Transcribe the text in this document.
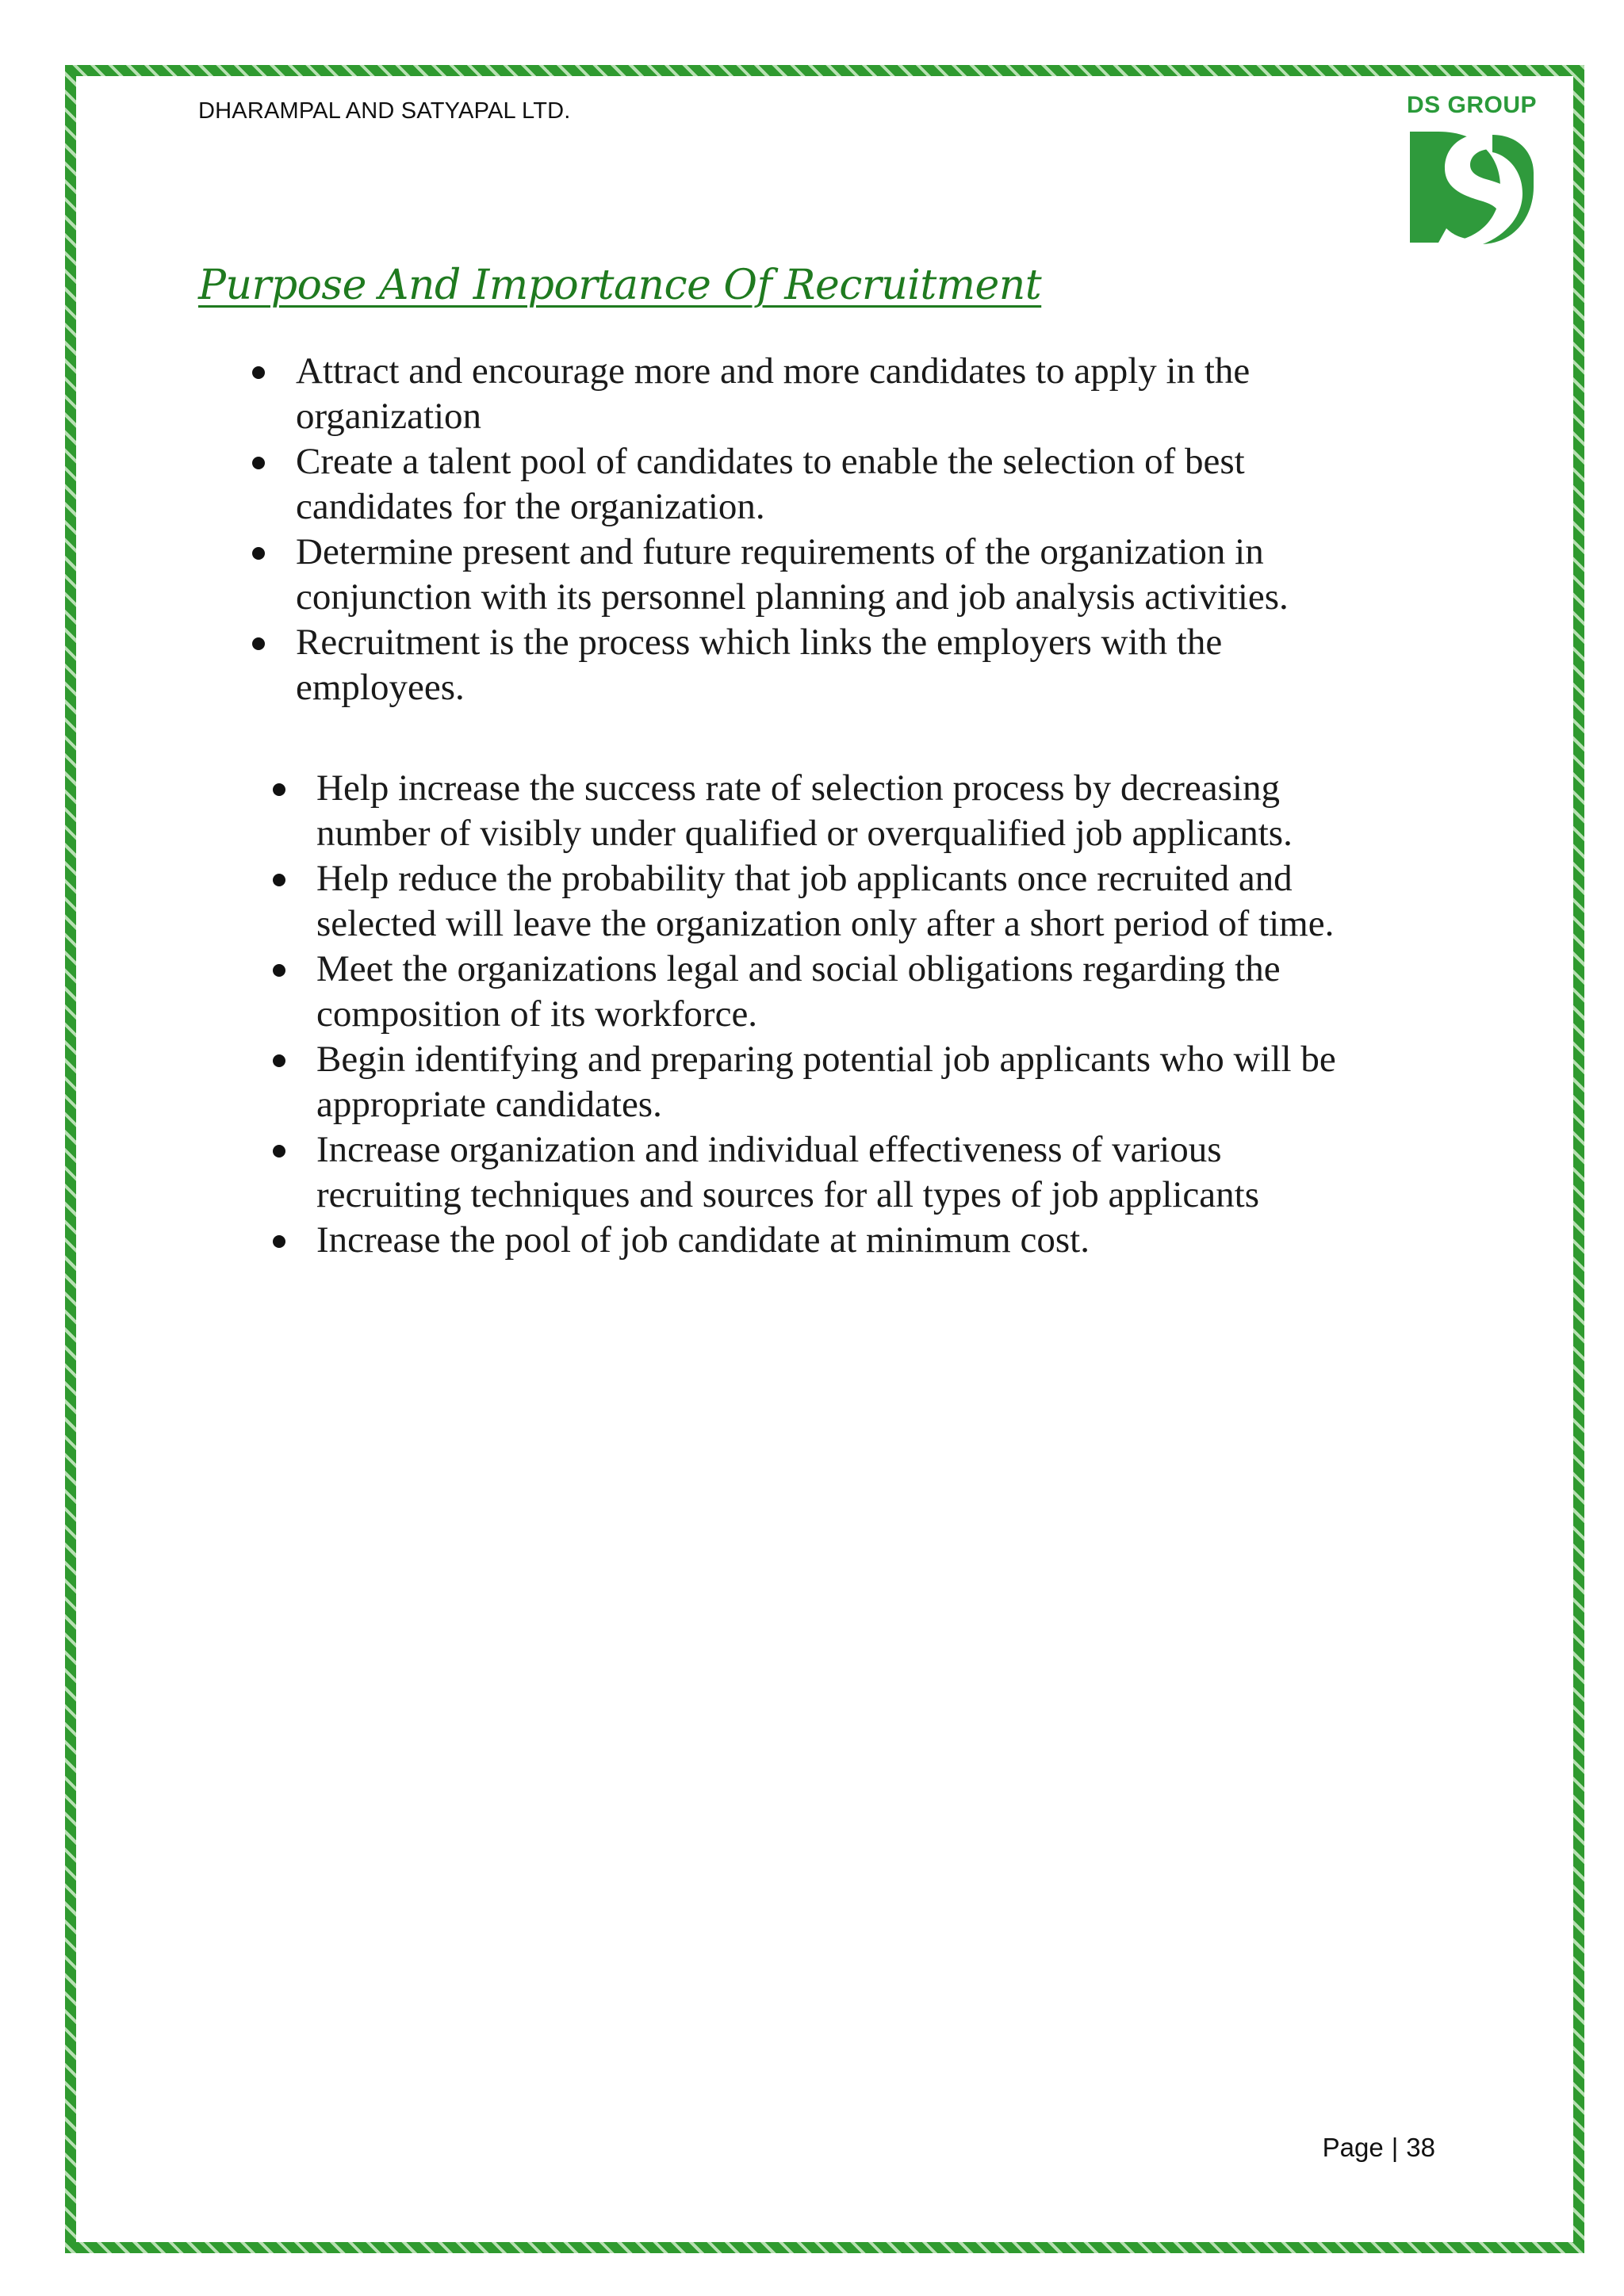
DHARAMPAL AND SATYAPAL LTD.	DS GROUP
Purpose And Importance Of Recruitment
Attract and encourage more and more candidates to apply in the organization
Create a talent pool of candidates to enable the selection of best candidates for the organization.
Determine present and future requirements of the organization in conjunction with its personnel planning and job analysis activities.
Recruitment is the process which links the employers with the employees.
Help increase the success rate of selection process by decreasing number of visibly under qualified or overqualified job applicants.
Help reduce the probability that job applicants once recruited and selected will leave the organization only after a short period of time.
Meet the organizations legal and social obligations regarding the composition of its workforce.
Begin identifying and preparing potential job applicants who will be appropriate candidates.
Increase organization and individual effectiveness of various recruiting techniques and sources for all types of job applicants
Increase the pool of job candidate at minimum cost.
Page | 38
